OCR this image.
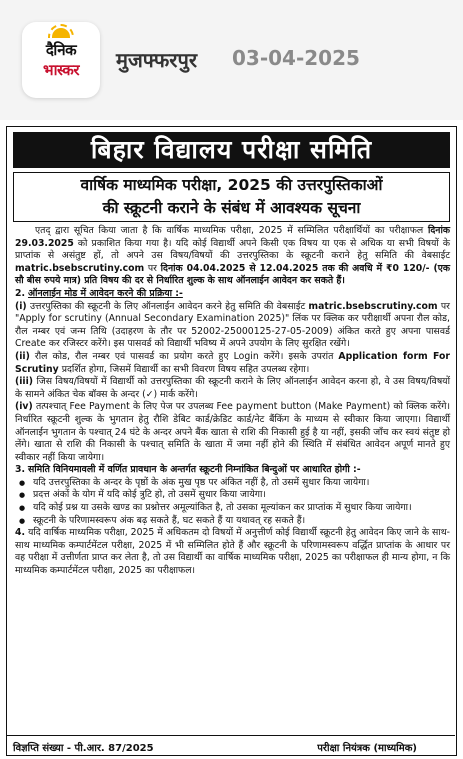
दैनिक
भास्कर	मुजफ्फरपुर 03-04-2025
बिहार विद्यालय परीक्षा समिति
वार्षिक माध्यमिक परीक्षा, 2025 की उत्तरपुस्तिकाओं
की स्क्रूटनी कराने के संबंध में आवश्यक सूचना

एतद् द्वारा सूचित किया जाता है कि वार्षिक माध्यमिक परीक्षा, 2025 में सम्मिलित परीक्षार्थियों का परीक्षाफल दिनांक 29.03.2025 को प्रकाशित किया गया है। यदि कोई विद्यार्थी अपने किसी एक विषय या एक से अधिक या सभी विषयों के प्राप्तांक से असंतुष्ट हों, तो अपने उस विषय/विषयों की उत्तरपुस्तिका के स्क्रूटनी कराने हेतु समिति की वेबसाईट matric.bsebscrutiny.com पर दिनांक 04.04.2025 से 12.04.2025 तक की अवधि में ₹0 120/- (एक सौ बीस रुपये मात्र) प्रति विषय की दर से निर्धारित शुल्क के साथ ऑनलाईन आवेदन कर सकते हैं।

2. ऑनलाईन मोड में आवेदन करने की प्रक्रिया :-

(i) उत्तरपुस्तिका की स्क्रूटनी के लिए ऑनलाईन आवेदन करने हेतु समिति की वेबसाईट matric.bsebscrutiny.com पर "Apply for scrutiny (Annual Secondary Examination 2025)" लिंक पर क्लिक कर परीक्षार्थी अपना रौल कोड, रौल नम्बर एवं जन्म तिथि (उदाहरण के तौर पर 52002-25000125-27-05-2009) अंकित करते हुए अपना पासवर्ड Create कर रजिस्टर करेंगे। इस पासवर्ड को विद्यार्थी भविष्य में अपने उपयोग के लिए सुरक्षित रखेंगे।

(ii) रौल कोड, रौल नम्बर एवं पासवर्ड का प्रयोग करते हुए Login करेंगे। इसके उपरांत Application form For Scrutiny प्रदर्शित होगा, जिसमें विद्यार्थी का सभी विवरण विषय सहित उपलब्ध रहेगा।

(iii) जिस विषय/विषयों में विद्यार्थी को उत्तरपुस्तिका की स्क्रूटनी कराने के लिए ऑनलाईन आवेदन करना हो, वे उस विषय/विषयों के सामने अंकित चेक बॉक्स के अन्दर (✓) मार्क करेंगे।

(iv) तत्पश्चात् Fee Payment के लिए पेज पर उपलब्ध Fee payment button (Make Payment) को क्लिक करेंगे। निर्धारित स्क्रूटनी शुल्क के भुगतान हेतु रौशि डेबिट कार्ड/क्रेडिट कार्ड/नेट बैंकिंग के माध्यम से स्वीकार किया जाएगा। विद्यार्थी ऑनलाईन भुगतान के पश्चात् 24 घंटे के अन्दर अपने बैंक खाता से राशि की निकासी हुई है या नहीं, इसकी जाँच कर स्वयं संतुष्ट हो लेंगे। खाता से राशि की निकासी के पश्चात् समिति के खाता में जमा नहीं होने की स्थिति में संबंधित आवेदन अपूर्ण मानते हुए स्वीकार नहीं किया जायेगा।

3. समिति विनियमावली में वर्णित प्रावधान के अन्तर्गत स्क्रूटनी निम्नांकित बिन्दुओं पर आधारित होगी :-

● यदि उत्तरपुस्तिका के अन्दर के पृष्ठों के अंक मुख पृष्ठ पर अंकित नहीं है, तो उसमें सुधार किया जायेगा।

● प्रदत्त अंकों के योग में यदि कोई त्रुटि हो, तो उसमें सुधार किया जायेगा।

● यदि कोई प्रश्न या उसके खण्ड का प्रश्नोत्तर अमूल्यांकित है, तो उसका मूल्यांकन कर प्राप्तांक में सुधार किया जायेगा।

● स्क्रूटनी के परिणामस्वरूप अंक बढ़ सकते हैं, घट सकते हैं या यथावत् रह सकते हैं।

4. यदि वार्षिक माध्यमिक परीक्षा, 2025 में अधिकतम दो विषयों में अनुत्तीर्ण कोई विद्यार्थी स्क्रूटनी हेतु आवेदन किए जाने के साथ-साथ माध्यमिक कम्पार्टमेंटल परीक्षा, 2025 में भी सम्मिलित होते हैं और स्क्रूटनी के परिणामस्वरूप वर्द्धित प्राप्तांक के आधार पर वह परीक्षा में उत्तीर्णता प्राप्त कर लेता है, तो उस विद्यार्थी का वार्षिक माध्यमिक परीक्षा, 2025 का परीक्षाफल ही मान्य होगा, न कि माध्यमिक कम्पार्टमेंटल परीक्षा, 2025 का परीक्षाफल।

विज्ञप्ति संख्या - पी.आर. 87/2025	परीक्षा नियंत्रक (माध्यमिक)
